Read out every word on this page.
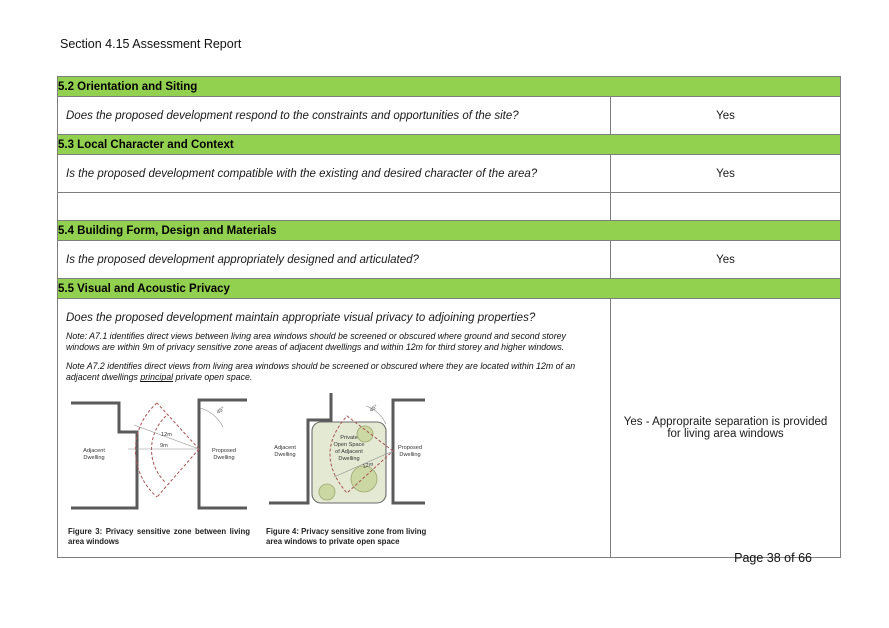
Section 4.15 Assessment Report
5.2 Orientation and Siting	
Does the proposed development respond to the constraints and opportunities of the site?	Yes
5.3 Local Character and Context	
Is the proposed development compatible with the existing and desired character of the area?	Yes

5.4 Building Form, Design and Materials	
Is the proposed development appropriately designed and articulated?	Yes
5.5 Visual and Acoustic Privacy	

Does the proposed development maintain appropriate visual privacy to adjoining properties?
Note: A7.1 identifies direct views between living area windows should be screened or obscured where ground and second storey windows are within 9m of privacy sensitive zone areas of adjacent dwellings and within 12m for third storey and higher windows.
Note A7.2 identifies direct views from living area windows should be screened or obscured where they are located within 12m of an adjacent dwellings principal private open space.
45°
12m
9m
Adjacent
Dwelling
Proposed
Dwelling
Figure 3: Privacy sensitive zone between living area windows
45°
12m
Private
Open Space
of Adjacent
Dwelling
Adjacent
Dwelling
Proposed
Dwelling
Figure 4: Privacy sensitive zone from living area windows to private open space
	Yes - Appropraite separation is provided for living area windows
Page 38 of 66
